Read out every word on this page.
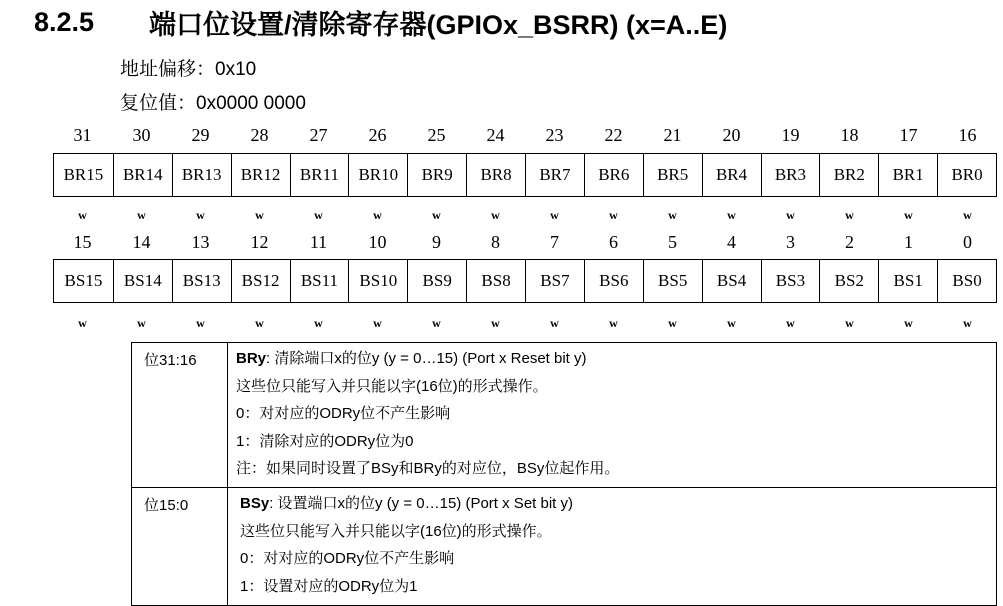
8.2.5	端口位设置/清除寄存器(GPIOx_BSRR) (x=A..E)
地址偏移：0x10
复位值：0x0000 0000
31	30	29	28	27	26	25	24	23	22	21	20	19	18	17	16
BR15	BR14	BR13	BR12	BR11	BR10	BR9	BR8	BR7	BR6	BR5	BR4	BR3	BR2	BR1	BR0
w	w	w	w	w	w	w	w	w	w	w	w	w	w	w	w
15	14	13	12	11	10	9	8	7	6	5	4	3	2	1	0
BS15	BS14	BS13	BS12	BS11	BS10	BS9	BS8	BS7	BS6	BS5	BS4	BS3	BS2	BS1	BS0
w	w	w	w	w	w	w	w	w	w	w	w	w	w	w	w
位31:16	BRy: 清除端口x的位y (y = 0…15) (Port x Reset bit y)
这些位只能写入并只能以字(16位)的形式操作。
0：对对应的ODRy位不产生影响
1：清除对应的ODRy位为0
注：如果同时设置了BSy和BRy的对应位，BSy位起作用。

位15:0	BSy: 设置端口x的位y (y = 0…15) (Port x Set bit y)
这些位只能写入并只能以字(16位)的形式操作。
0：对对应的ODRy位不产生影响
1：设置对应的ODRy位为1
